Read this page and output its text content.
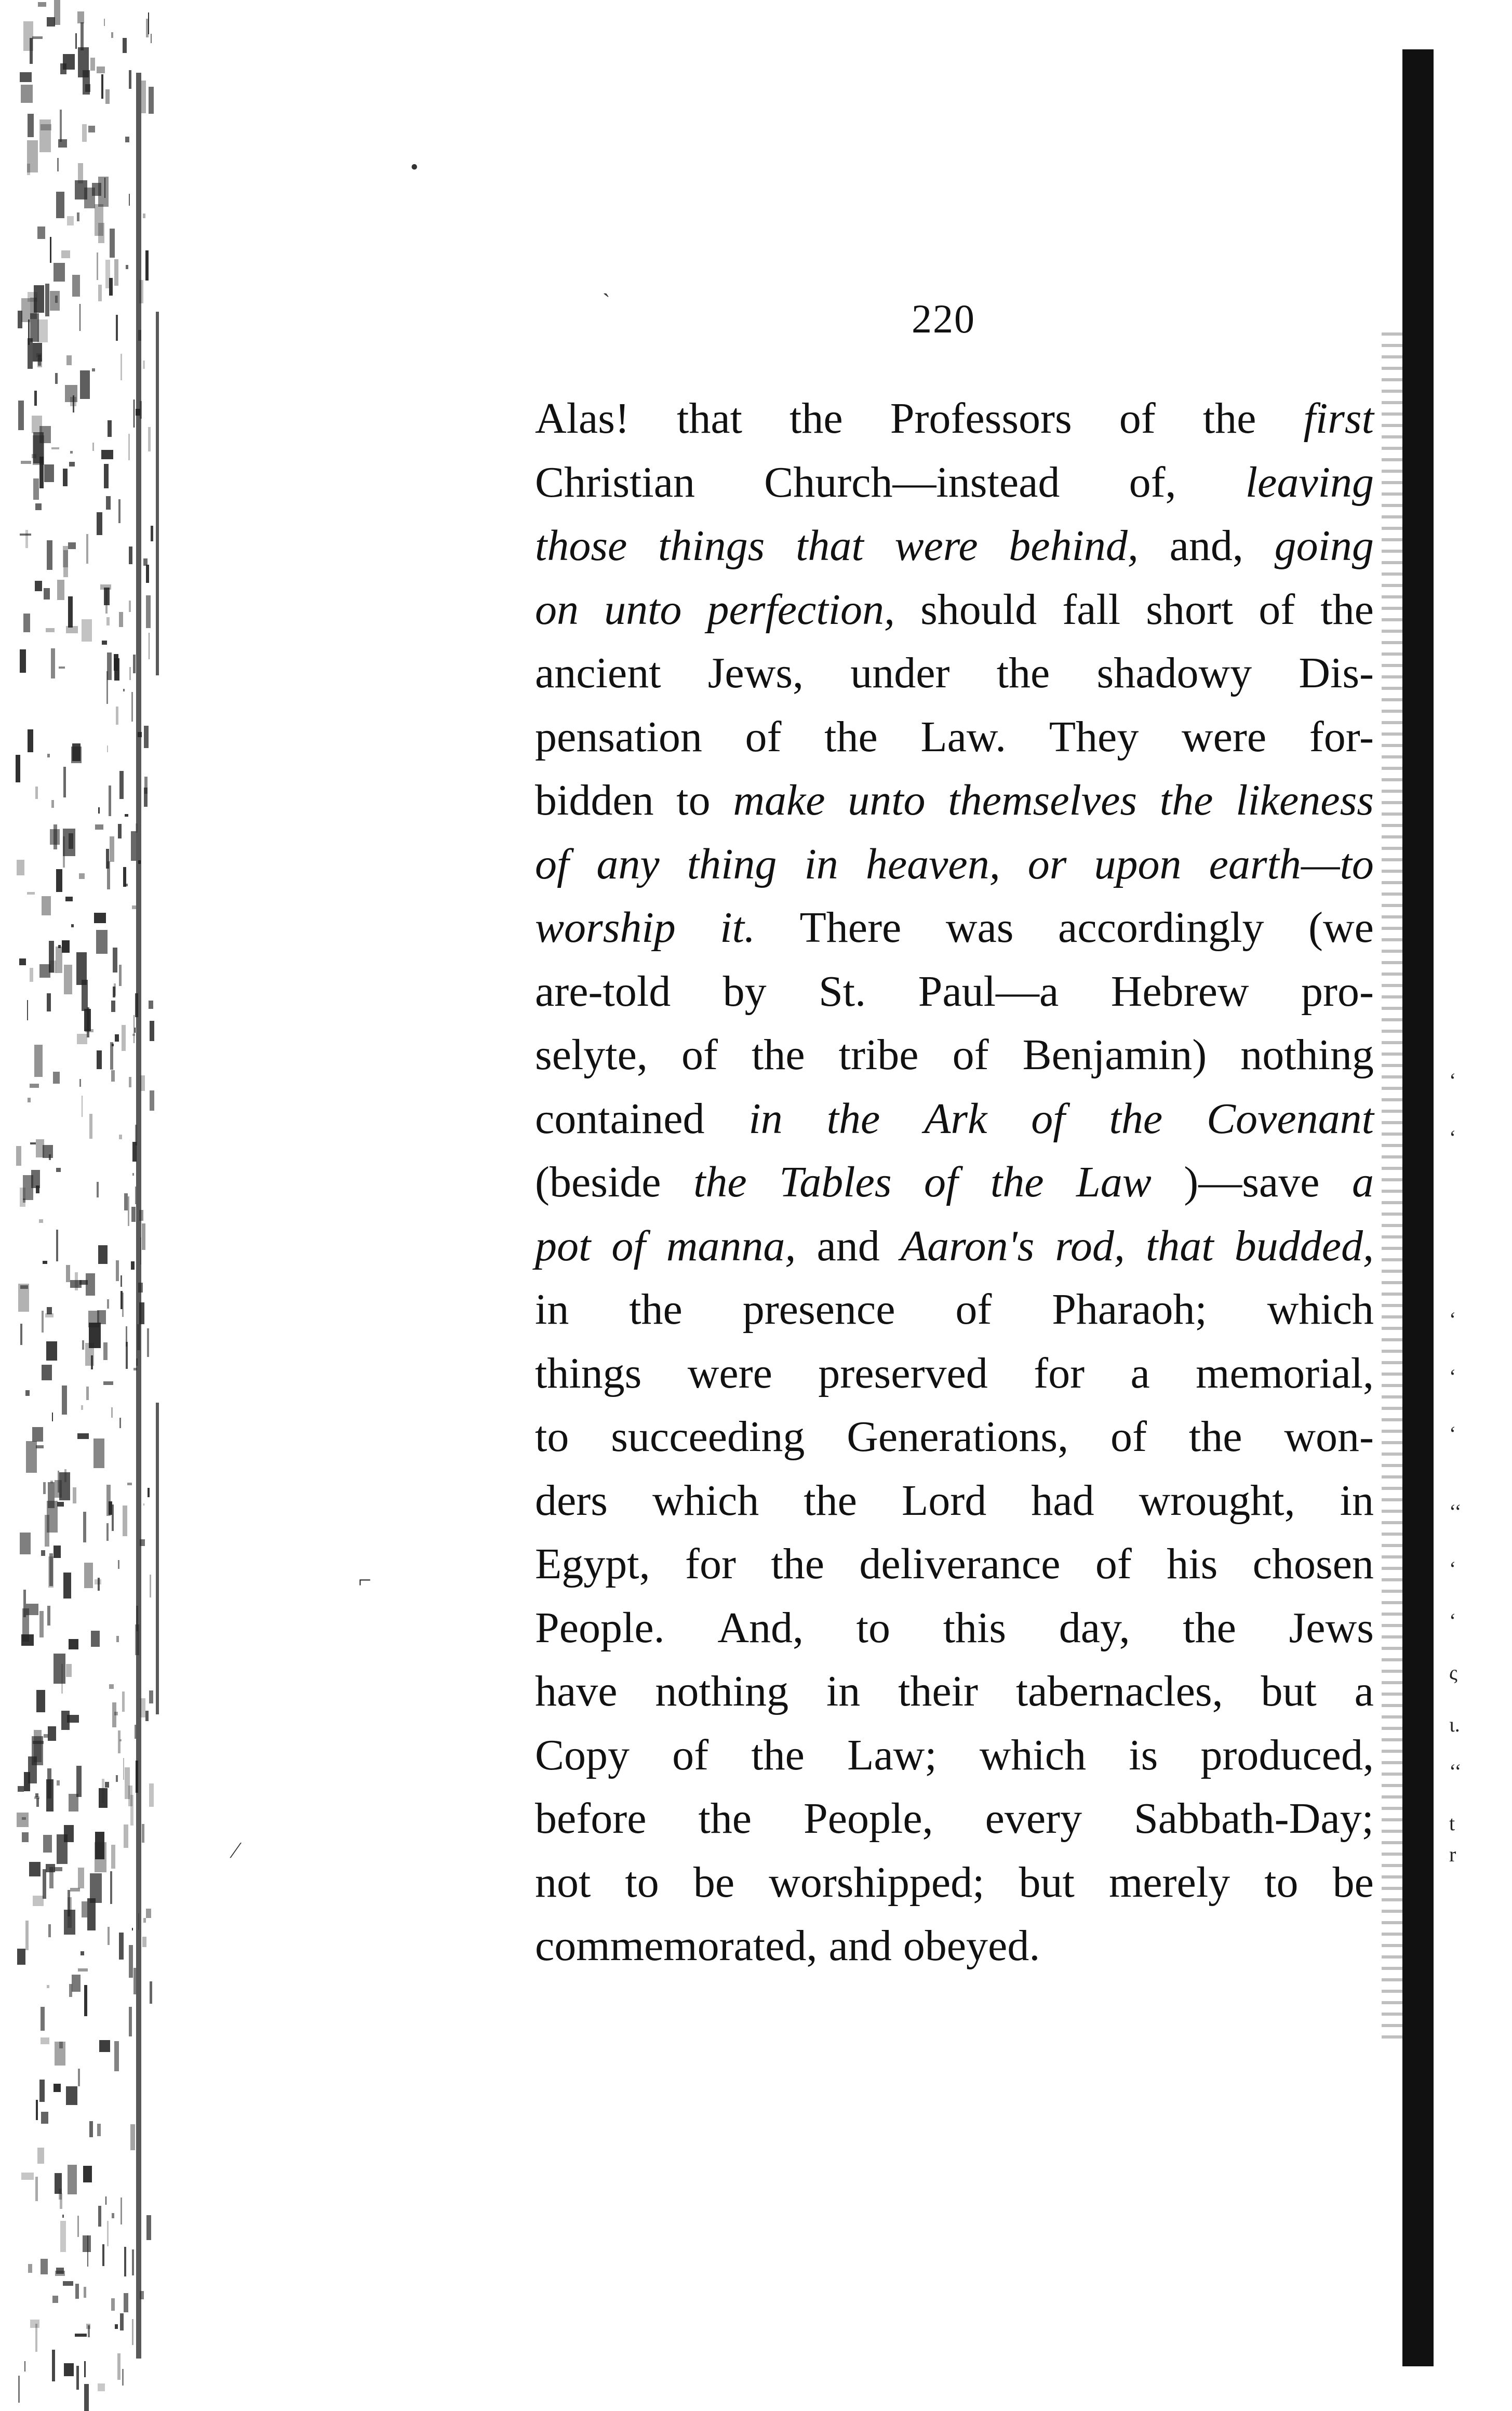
‘
‘
‘
‘
‘
‘‘
‘
‘
ς
ι.
‘‘
t
r
•
ˋ
⌐
⁄
220
Alas! that the Professors of the first
Christian Church—instead of, leaving
those things that were behind, and, going
on unto perfection, should fall short of the
ancient Jews, under the shadowy Dis-
pensation of the Law. They were for-
bidden to make unto themselves the likeness
of any thing in heaven, or upon earth—to
worship it. There was accordingly (we
are-told by St. Paul—a Hebrew pro-
selyte, of the tribe of Benjamin) nothing
contained in the Ark of the Covenant
(beside the Tables of the Law )—save a
pot of manna, and Aaron's rod, that budded,
in the presence of Pharaoh; which
things were preserved for a memorial,
to succeeding Generations, of the won-
ders which the Lord had wrought, in
Egypt, for the deliverance of his chosen
People. And, to this day, the Jews
have nothing in their tabernacles, but a
Copy of the Law; which is produced,
before the People, every Sabbath-Day;
not to be worshipped; but merely to be
commemorated, and obeyed.
